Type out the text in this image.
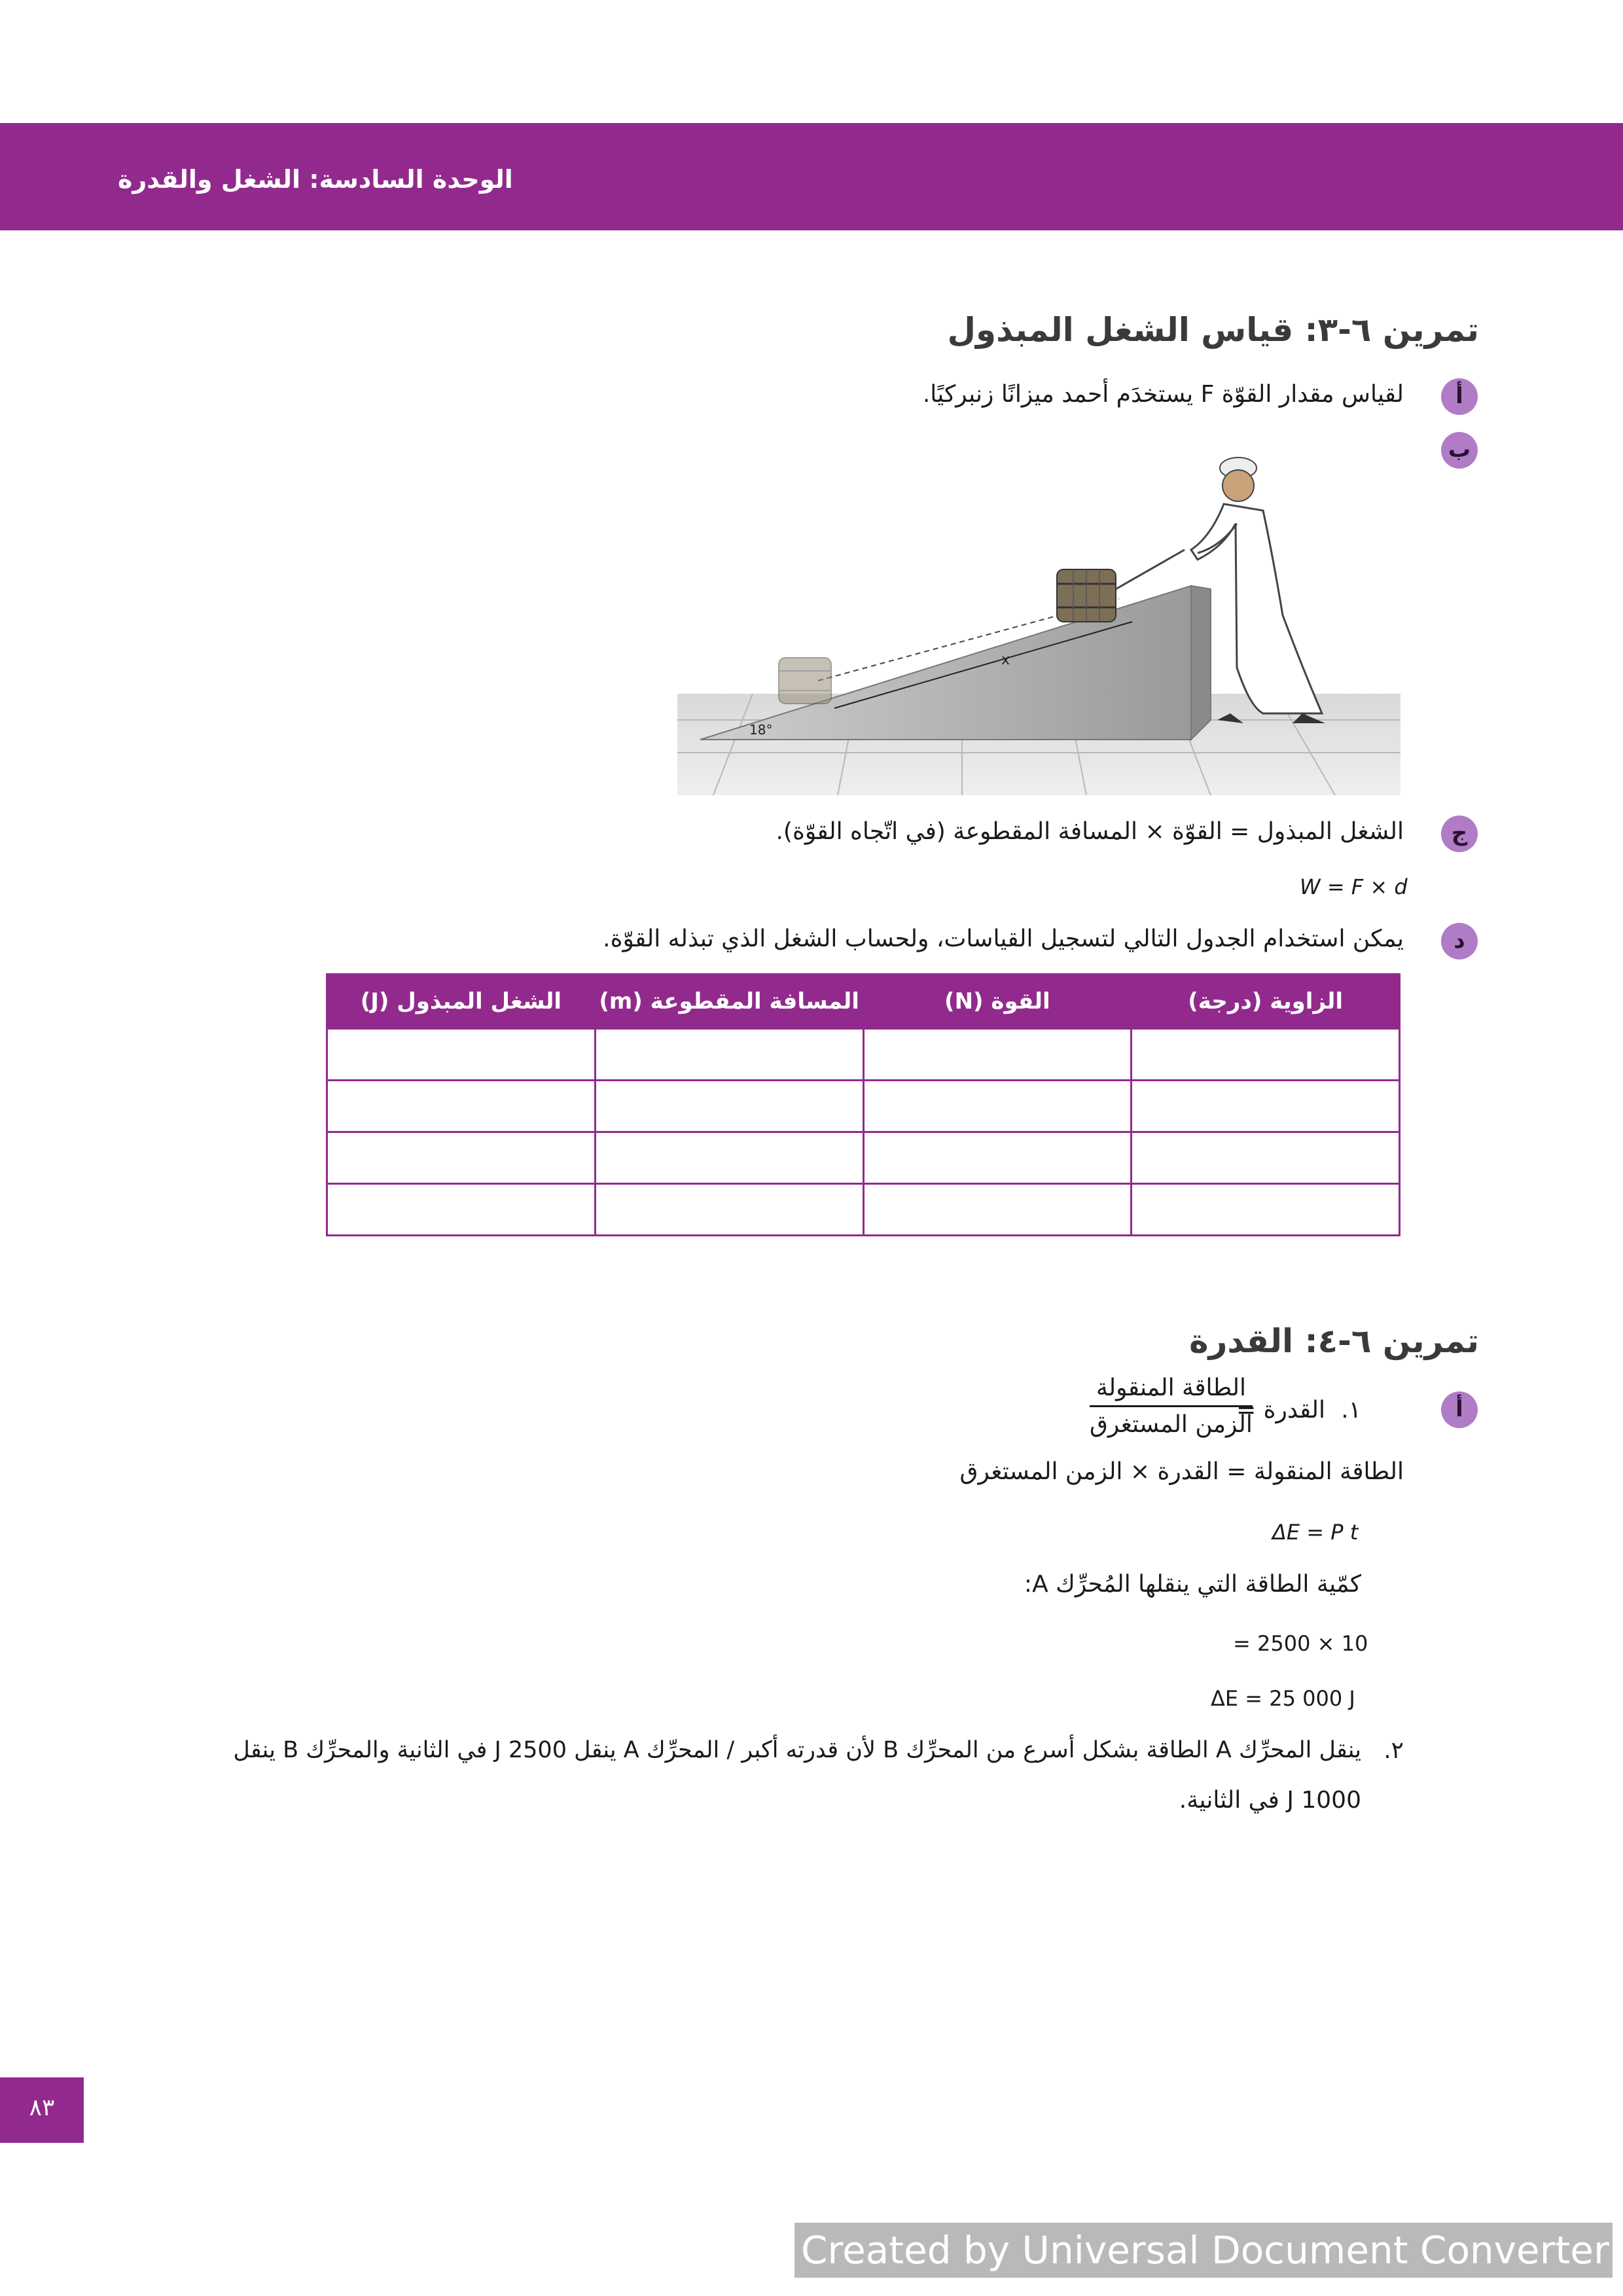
الوحدة السادسة: الشغل والقدرة
تمرين ٦-٣: قياس الشغل المبذول
أ
لقياس مقدار القوّة F يستخدَم أحمد ميزانًا زنبركيًا.
ب
18°
x
ج
الشغل المبذول = القوّة × المسافة المقطوعة (في اتّجاه القوّة).
W = F × d
د
يمكن استخدام الجدول التالي لتسجيل القياسات، ولحساب الشغل الذي تبذله القوّة.
الزاوية (درجة)	القوة (N)	المسافة المقطوعة (m)	الشغل المبذول (J)

تمرين ٦-٤: القدرة
أ
١.
القدرة =
الطاقة المنقولة
الزمن المستغرق
الطاقة المنقولة = القدرة × الزمن المستغرق
ΔE = P t
كمّية الطاقة التي ينقلها المُحرِّك A:
= 2500 × 10
ΔE = 25 000 J
٢.
ينقل المحرِّك A الطاقة بشكل أسرع من المحرِّك B لأن قدرته أكبر / المحرِّك A ينقل J 2500 في الثانية والمحرِّك B ينقل
J 1000 في الثانية.
٨٣
Created by Universal Document Converter
